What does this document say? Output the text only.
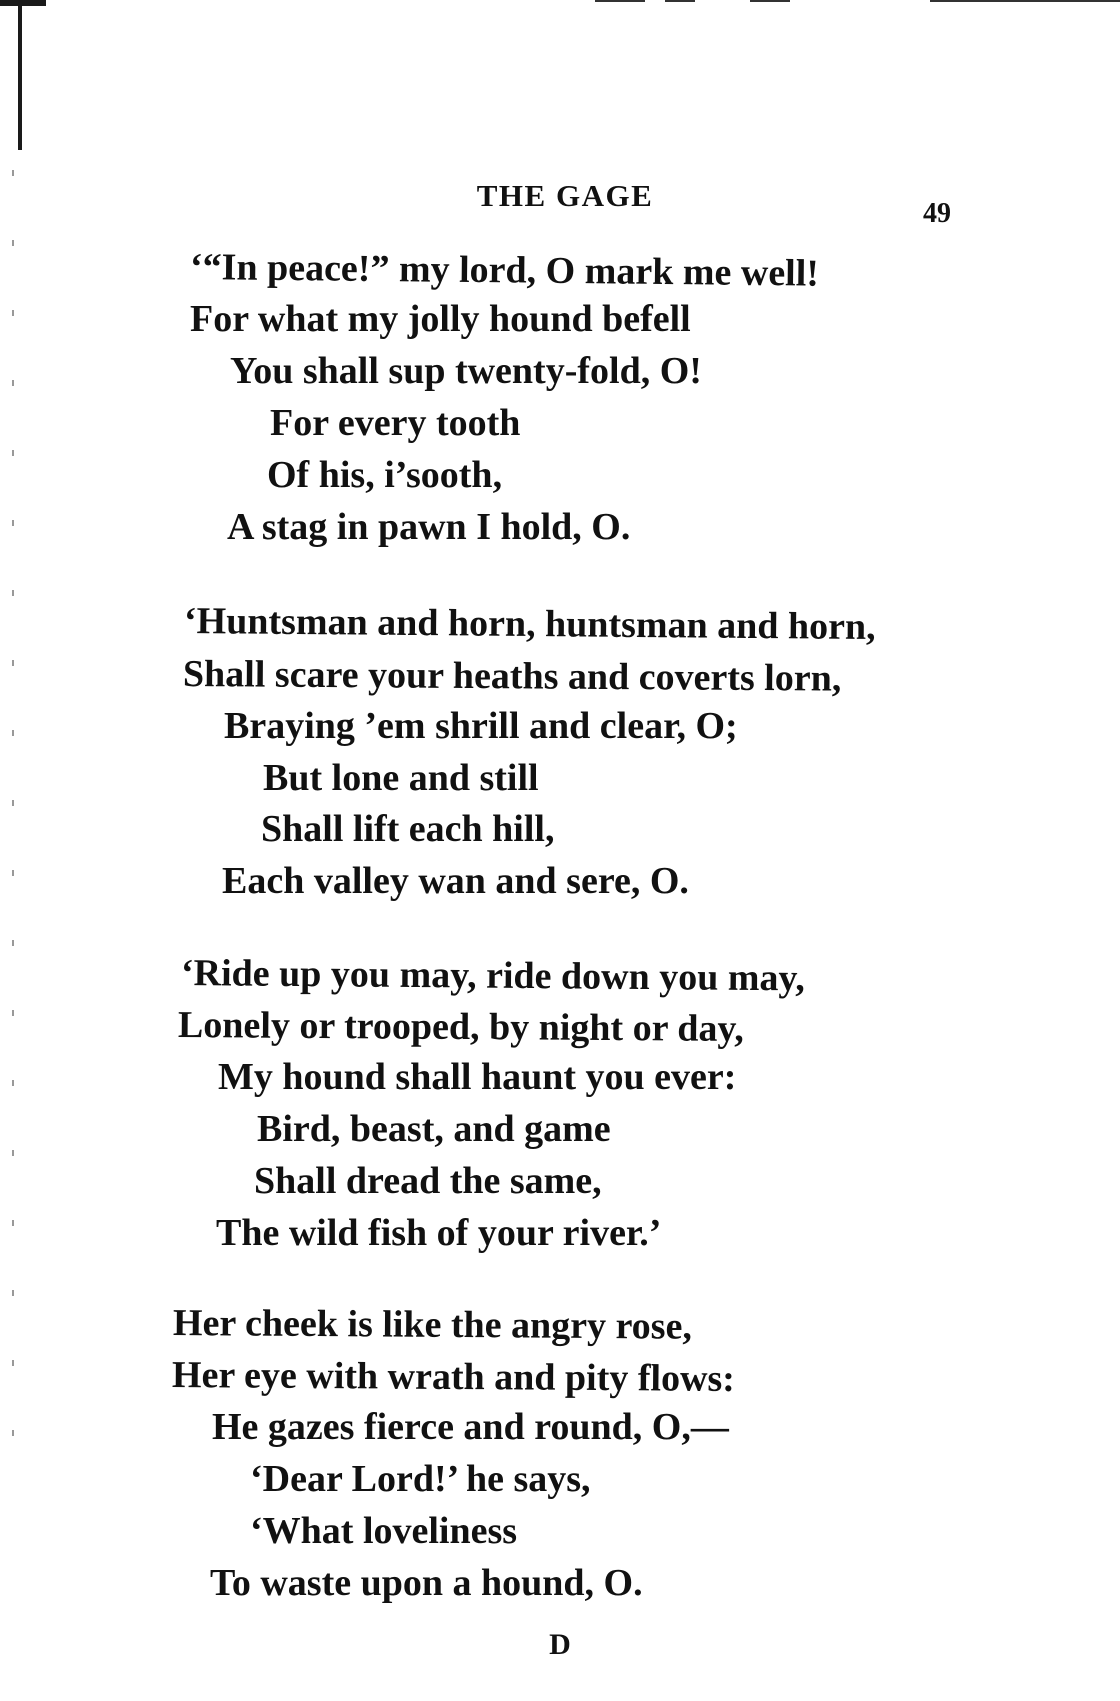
THE GAGE
49
‘“In peace!” my lord, O mark me well!
For what my jolly hound befell
You shall sup twenty-fold, O!
For every tooth
Of his, i’sooth,
A stag in pawn I hold, O.
‘Huntsman and horn, huntsman and horn,
Shall scare your heaths and coverts lorn,
Braying ’em shrill and clear, O;
But lone and still
Shall lift each hill,
Each valley wan and sere, O.
‘Ride up you may, ride down you may,
Lonely or trooped, by night or day,
My hound shall haunt you ever:
Bird, beast, and game
Shall dread the same,
The wild fish of your river.’
Her cheek is like the angry rose,
Her eye with wrath and pity flows:
He gazes fierce and round, O,—
‘Dear Lord!’ he says,
‘What loveliness
To waste upon a hound, O.
D
